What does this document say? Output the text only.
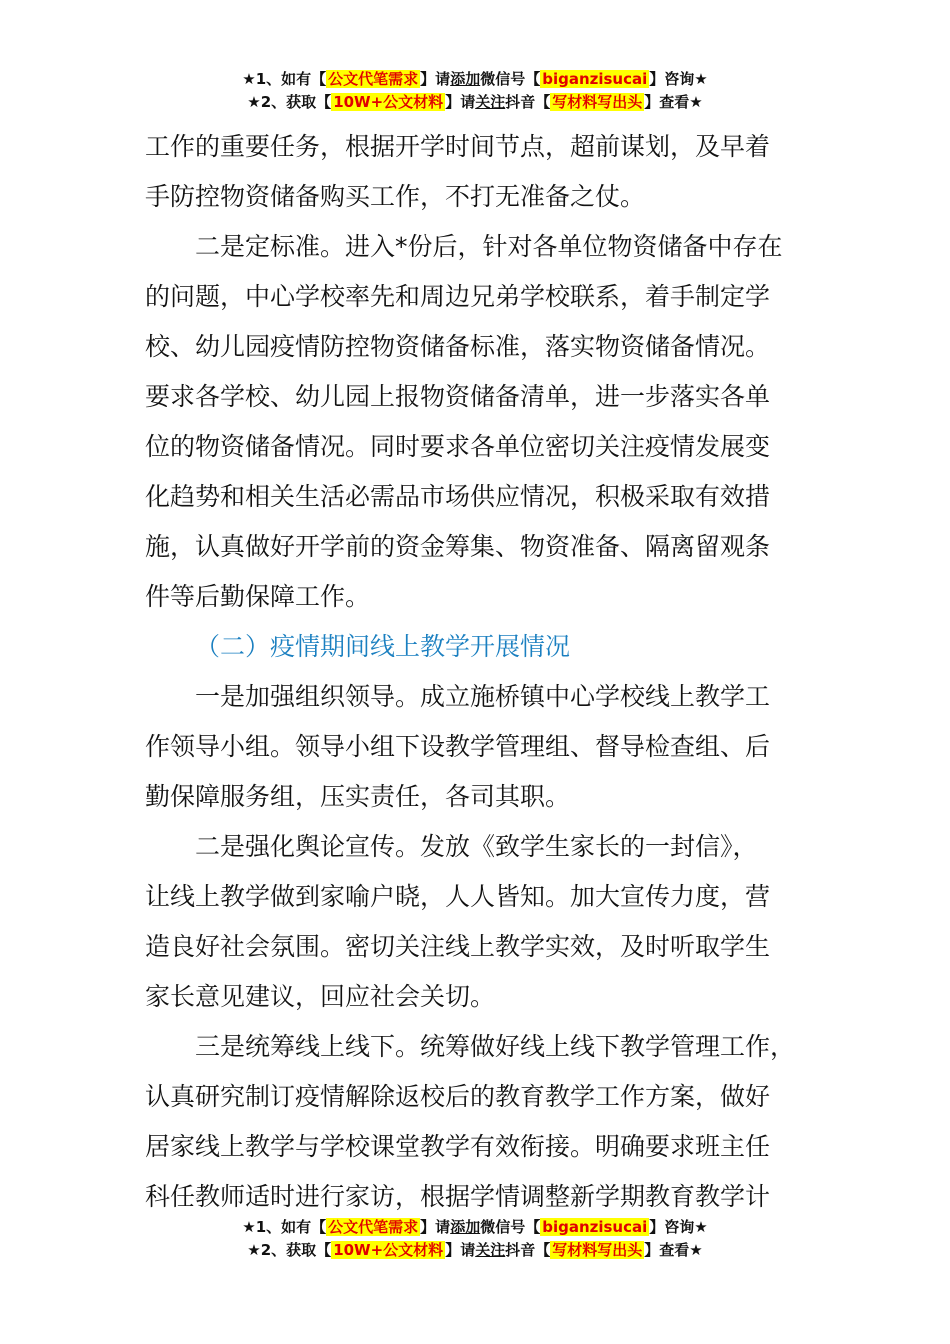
★1、如有【 公文代笔需求 】请添加微信号【 biganzisucai 】咨询★
★2、获取【 10W+公文材料 】请关注抖音【 写材料写出头 】查看★
工作的重要任务，根据开学时间节点，超前谋划，及早着
手防控物资储备购买工作，不打无准备之仗。
二是定标准。进入*份后，针对各单位物资储备中存在
的问题，中心学校率先和周边兄弟学校联系，着手制定学
校、幼儿园疫情防控物资储备标准，落实物资储备情况。
要求各学校、幼儿园上报物资储备清单，进一步落实各单
位的物资储备情况。同时要求各单位密切关注疫情发展变
化趋势和相关生活必需品市场供应情况，积极采取有效措
施，认真做好开学前的资金筹集、物资准备、隔离留观条
件等后勤保障工作。
（二）疫情期间线上教学开展情况
一是加强组织领导。成立施桥镇中心学校线上教学工
作领导小组。领导小组下设教学管理组、督导检查组、后
勤保障服务组，压实责任，各司其职。
二是强化舆论宣传。发放《致学生家长的一封信》，
让线上教学做到家喻户晓，人人皆知。加大宣传力度，营
造良好社会氛围。密切关注线上教学实效，及时听取学生
家长意见建议，回应社会关切。
三是统筹线上线下。统筹做好线上线下教学管理工作，
认真研究制订疫情解除返校后的教育教学工作方案，做好
居家线上教学与学校课堂教学有效衔接。明确要求班主任
科任教师适时进行家访，根据学情调整新学期教育教学计
★1、如有【 公文代笔需求 】请添加微信号【 biganzisucai 】咨询★
★2、获取【 10W+公文材料 】请关注抖音【 写材料写出头 】查看★
